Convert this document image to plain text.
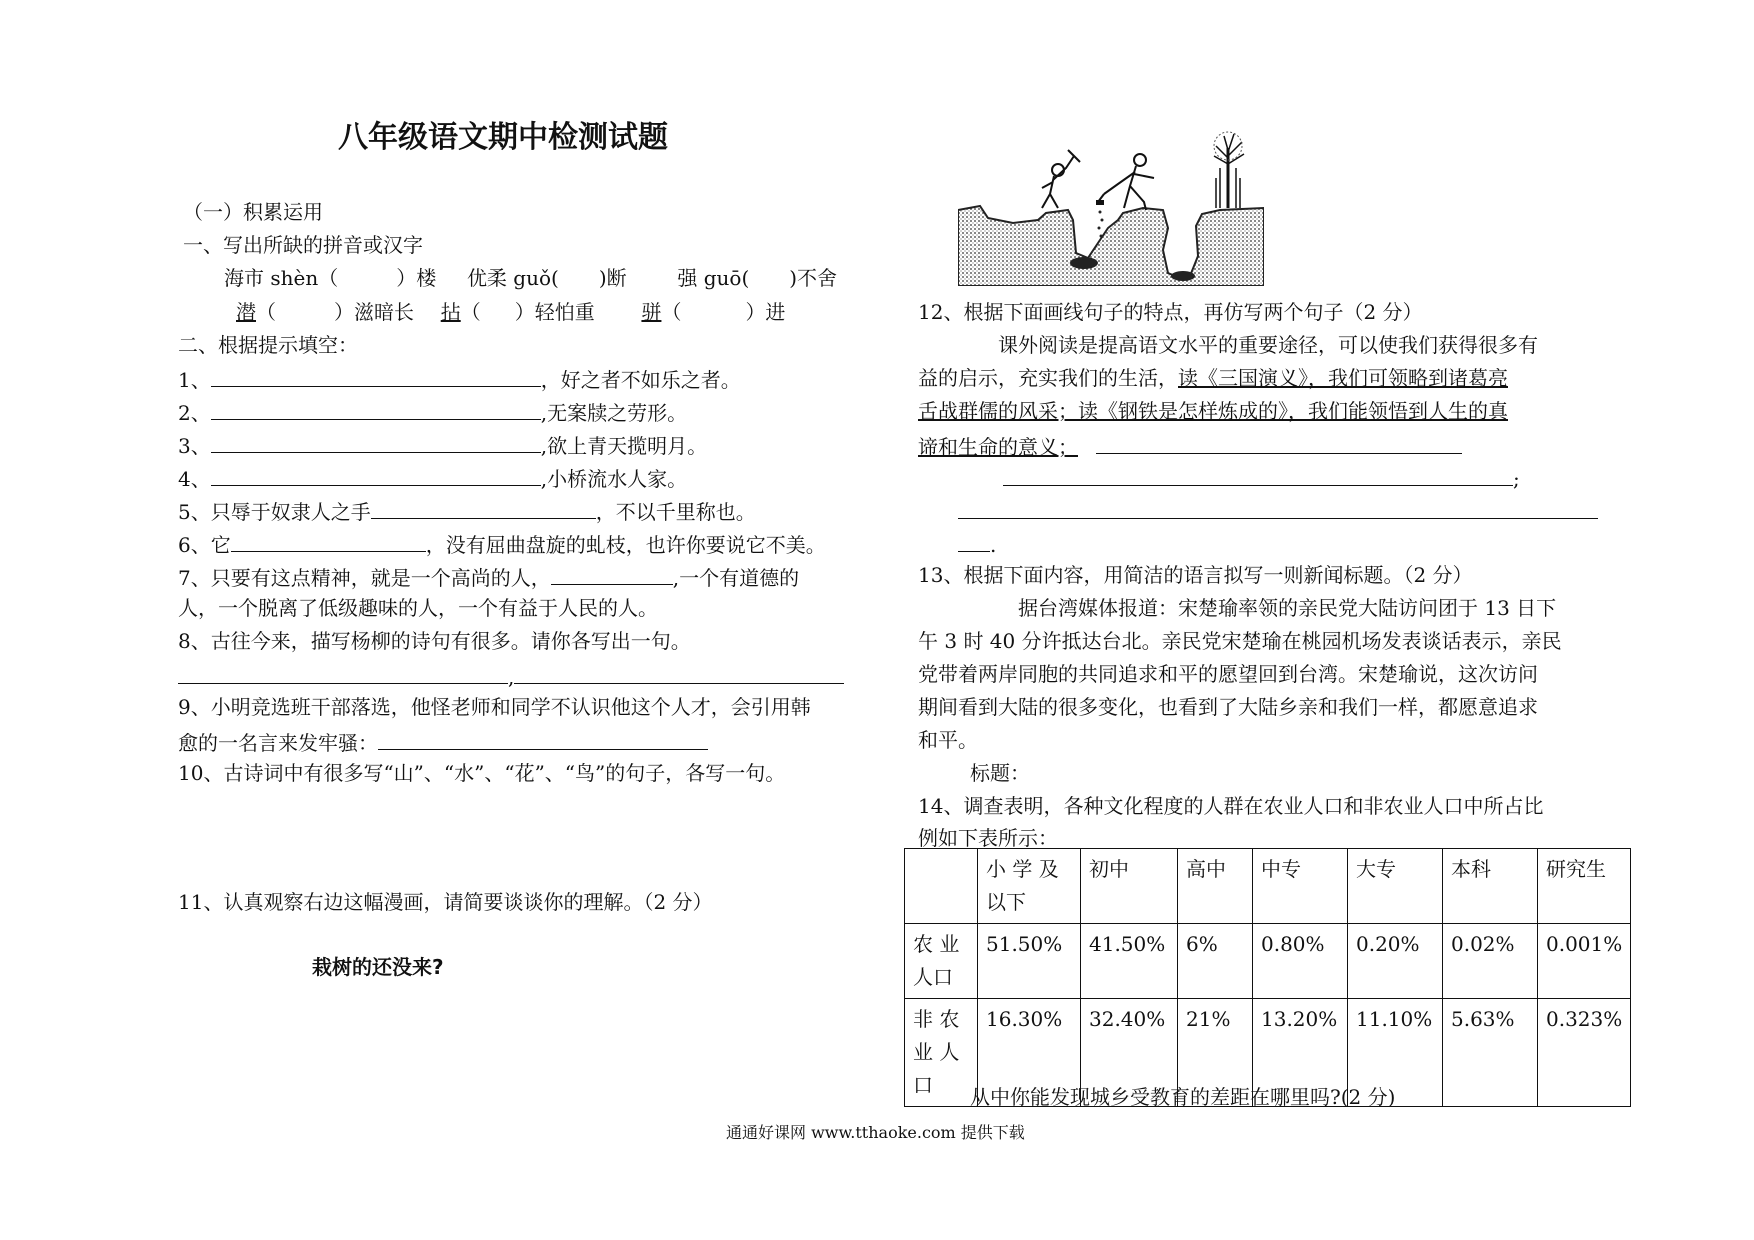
八年级语文期中检测试题
（一）积累运用
一、写出所缺的拼音或汉字
海市 shèn（	）楼 优柔 guǒ( )断	强 guō( )不舍
潜（	）滋暗长 拈（ ）轻怕重 骈（	）进
二、根据提示填空：
1、	，好之者不如乐之者。
2、	,无案牍之劳形。
3、	,欲上青天揽明月。
4、	,小桥流水人家。
5、只辱于奴隶人之手	，不以千里称也。
6、它	，没有屈曲盘旋的虬枝，也许你要说它不美。
7、只要有这点精神，就是一个高尚的人，	,一个有道德的
人，一个脱离了低级趣味的人，一个有益于人民的人。
8、古往今来，描写杨柳的诗句有很多。请你各写出一句。
,
9、小明竞选班干部落选，他怪老师和同学不认识他这个人才，会引用韩
愈的一名言来发牢骚：
10、古诗词中有很多写“山”、“水”、“花”、“鸟”的句子，各写一句。
11、认真观察右边这幅漫画，请简要谈谈你的理解。（2 分）
栽树的还没来?
12、根据下面画线句子的特点，再仿写两个句子（2 分）
课外阅读是提高语文水平的重要途径，可以使我们获得很多有
益的启示，充实我们的生活，读《三国演义》，我们可领略到诸葛亮
舌战群儒的风采；读《钢铁是怎样炼成的》，我们能领悟到人生的真
谛和生命的意义；
;
.
13、根据下面内容，用简洁的语言拟写一则新闻标题。（2 分）
据台湾媒体报道：宋楚瑜率领的亲民党大陆访问团于 13 日下
午 3 时 40 分许抵达台北。亲民党宋楚瑜在桃园机场发表谈话表示，亲民
党带着两岸同胞的共同追求和平的愿望回到台湾。宋楚瑜说，这次访问
期间看到大陆的很多变化，也看到了大陆乡亲和我们一样，都愿意追求
和平。
标题：
14、调查表明，各种文化程度的人群在农业人口和非农业人口中所占比
例如下表所示：
	小 学 及
以下	初中	高中	中专	大专	本科	研究生
农 业
人口	51.50%	41.50%	6%	0.80%	0.20%	0.02%	0.001%
非 农
业 人
口	16.30%	32.40%	21%	13.20%	11.10%	5.63%	0.323%
从中你能发现城乡受教育的差距在哪里吗?(2 分)
通通好课网 www.tthaoke.com 提供下载
